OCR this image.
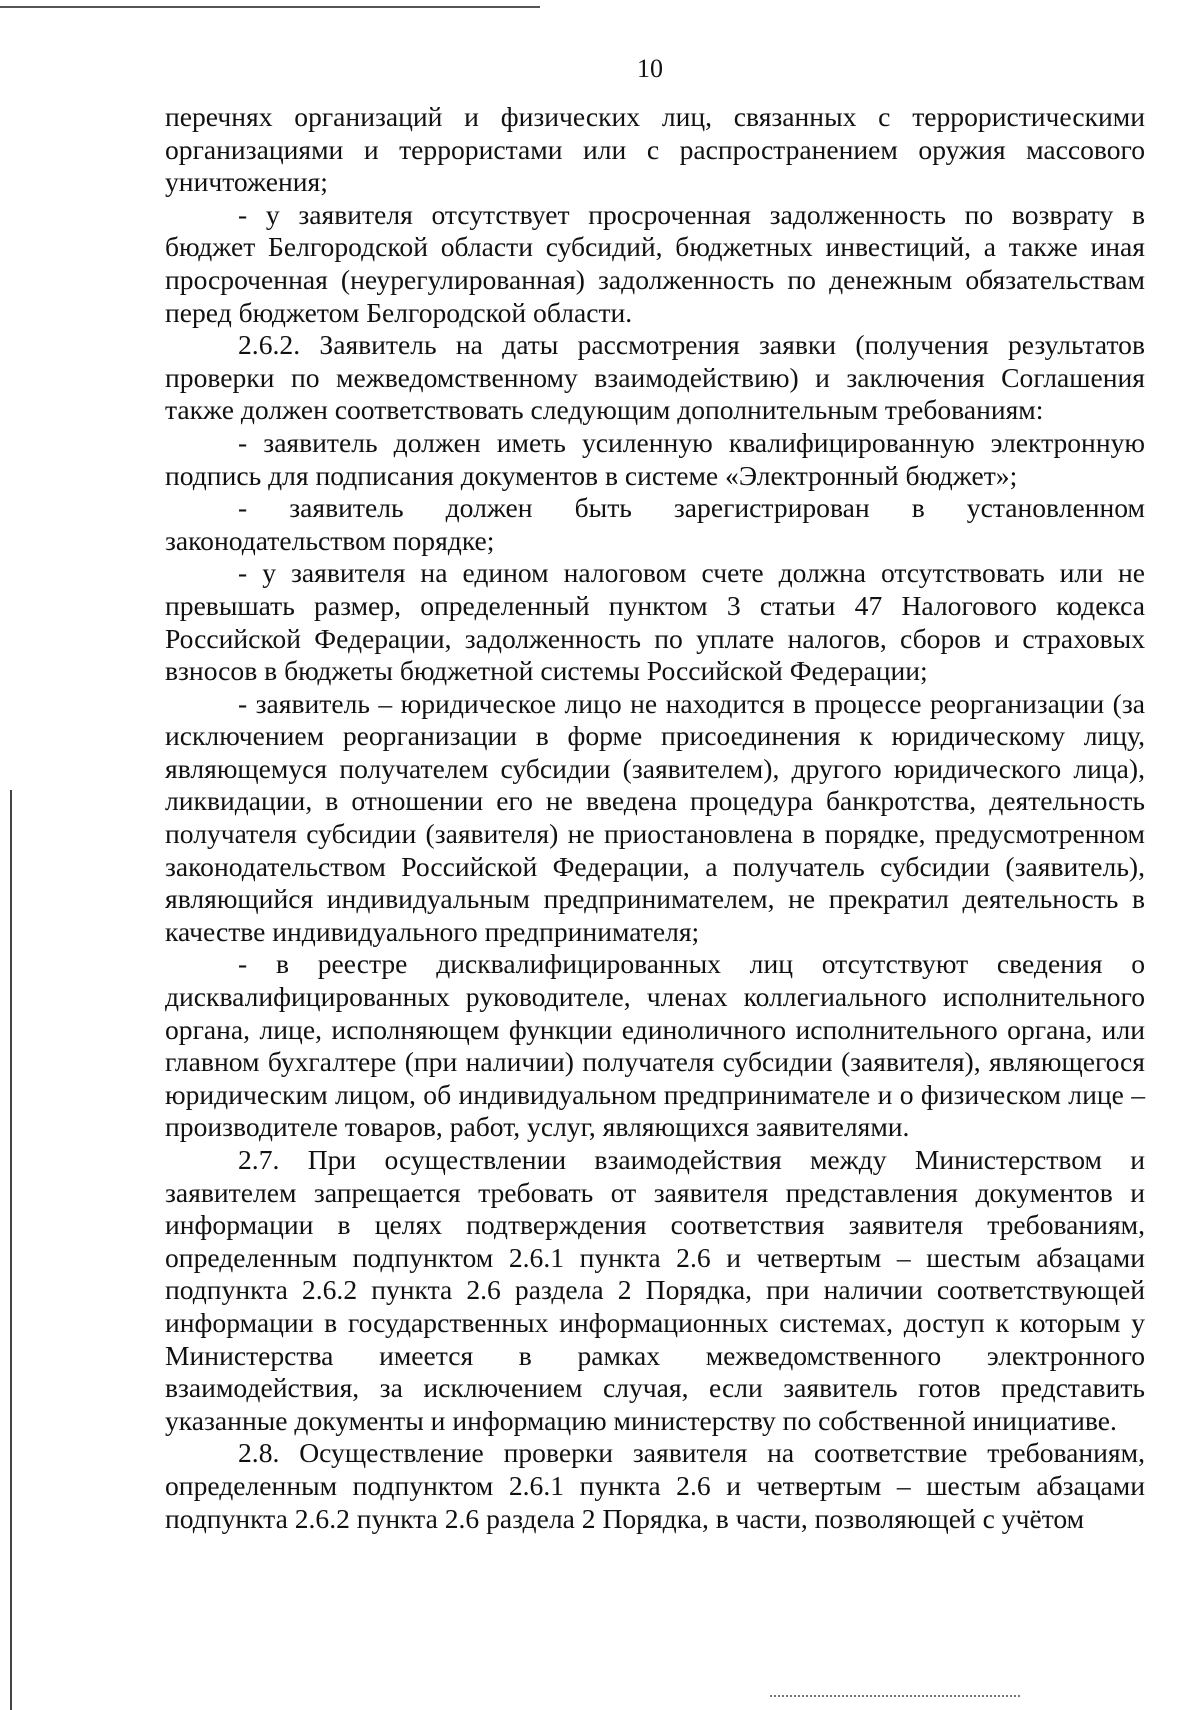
10

перечнях организаций и физических лиц, связанных с террористическими организациями и террористами или с распространением оружия массового уничтожения;

- у заявителя отсутствует просроченная задолженность по возврату в бюджет Белгородской области субсидий, бюджетных инвестиций, а также иная просроченная (неурегулированная) задолженность по денежным обязательствам перед бюджетом Белгородской области.

2.6.2. Заявитель на даты рассмотрения заявки (получения результатов проверки по межведомственному взаимодействию) и заключения Соглашения также должен соответствовать следующим дополнительным требованиям:

- заявитель должен иметь усиленную квалифицированную электронную подпись для подписания документов в системе «Электронный бюджет»;

- заявитель должен быть зарегистрирован в установленном законодательством порядке;

- у заявителя на едином налоговом счете должна отсутствовать или не превышать размер, определенный пунктом 3 статьи 47 Налогового кодекса Российской Федерации, задолженность по уплате налогов, сборов и страховых взносов в бюджеты бюджетной системы Российской Федерации;

- заявитель – юридическое лицо не находится в процессе реорганизации (за исключением реорганизации в форме присоединения к юридическому лицу, являющемуся получателем субсидии (заявителем), другого юридического лица), ликвидации, в отношении его не введена процедура банкротства, деятельность получателя субсидии (заявителя) не приостановлена в порядке, предусмотренном законодательством Российской Федерации, а получатель субсидии (заявитель), являющийся индивидуальным предпринимателем, не прекратил деятельность в качестве индивидуального предпринимателя;

- в реестре дисквалифицированных лиц отсутствуют сведения о дисквалифицированных руководителе, членах коллегиального исполнительного органа, лице, исполняющем функции единоличного исполнительного органа, или главном бухгалтере (при наличии) получателя субсидии (заявителя), являющегося юридическим лицом, об индивидуальном предпринимателе и о физическом лице – производителе товаров, работ, услуг, являющихся заявителями.

2.7. При осуществлении взаимодействия между Министерством и заявителем запрещается требовать от заявителя представления документов и информации в целях подтверждения соответствия заявителя требованиям, определенным подпунктом 2.6.1 пункта 2.6 и четвертым – шестым абзацами подпункта 2.6.2 пункта 2.6 раздела 2 Порядка, при наличии соответствующей информации в государственных информационных системах, доступ к которым у Министерства имеется в рамках межведомственного электронного взаимодействия, за исключением случая, если заявитель готов представить указанные документы и информацию министерству по собственной инициативе.

2.8. Осуществление проверки заявителя на соответствие требованиям, определенным подпунктом 2.6.1 пункта 2.6 и четвертым – шестым абзацами подпункта 2.6.2 пункта 2.6 раздела 2 Порядка, в части, позволяющей с учётом
